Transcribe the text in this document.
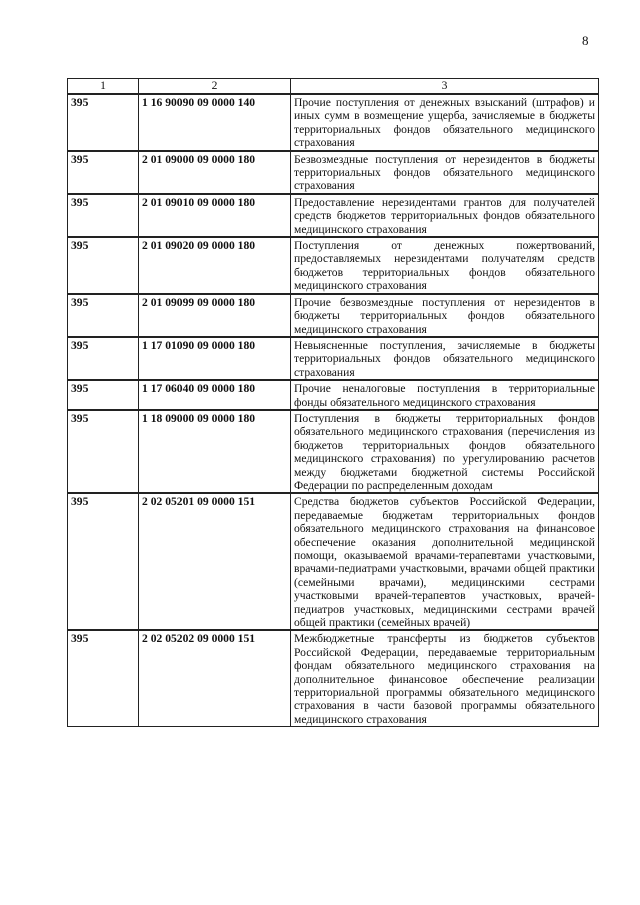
8
1	2	3
395	1 16 90090 09 0000 140	Прочие поступления от денежных взысканий (штрафов) и иных сумм в возмещение ущерба, зачисляемые в бюджеты территориальных фондов обязательного медицинского страхования
395	2 01 09000 09 0000 180	Безвозмездные поступления от нерезидентов в бюджеты территориальных фондов обязательного медицинского страхования
395	2 01 09010 09 0000 180	Предоставление нерезидентами грантов для получателей средств бюджетов территориальных фондов обязательного медицинского страхования
395	2 01 09020 09 0000 180	Поступления от денежных пожертвований, предоставляемых нерезидентами получателям средств бюджетов территориальных фондов обязательного медицинского страхования
395	2 01 09099 09 0000 180	Прочие безвозмездные поступления от нерезидентов в бюджеты территориальных фондов обязательного медицинского страхования
395	1 17 01090 09 0000 180	Невыясненные поступления, зачисляемые в бюджеты территориальных фондов обязательного медицинского страхования
395	1 17 06040 09 0000 180	Прочие неналоговые поступления в территориальные фонды обязательного медицинского страхования
395	1 18 09000 09 0000 180	Поступления в бюджеты территориальных фондов обязательного медицинского страхования (перечисления из бюджетов территориальных фондов обязательного медицинского страхования) по урегулированию расчетов между бюджетами бюджетной системы Российской Федерации по распределенным доходам
395	2 02 05201 09 0000 151	Средства бюджетов субъектов Российской Федерации, передаваемые бюджетам территориальных фондов обязательного медицинского страхования на финансовое обеспечение оказания дополнительной медицинской помощи, оказываемой врачами-терапевтами участковыми, врачами-педиатрами участковыми, врачами общей практики (семейными врачами), медицинскими сестрами участковыми врачей-терапевтов участковых, врачей-педиатров участковых, медицинскими сестрами врачей общей практики (семейных врачей)
395	2 02 05202 09 0000 151	Межбюджетные трансферты из бюджетов субъектов Российской Федерации, передаваемые территориальным фондам обязательного медицинского страхования на дополнительное финансовое обеспечение реализации территориальной программы обязательного медицинского страхования в части базовой программы обязательного медицинского страхования
